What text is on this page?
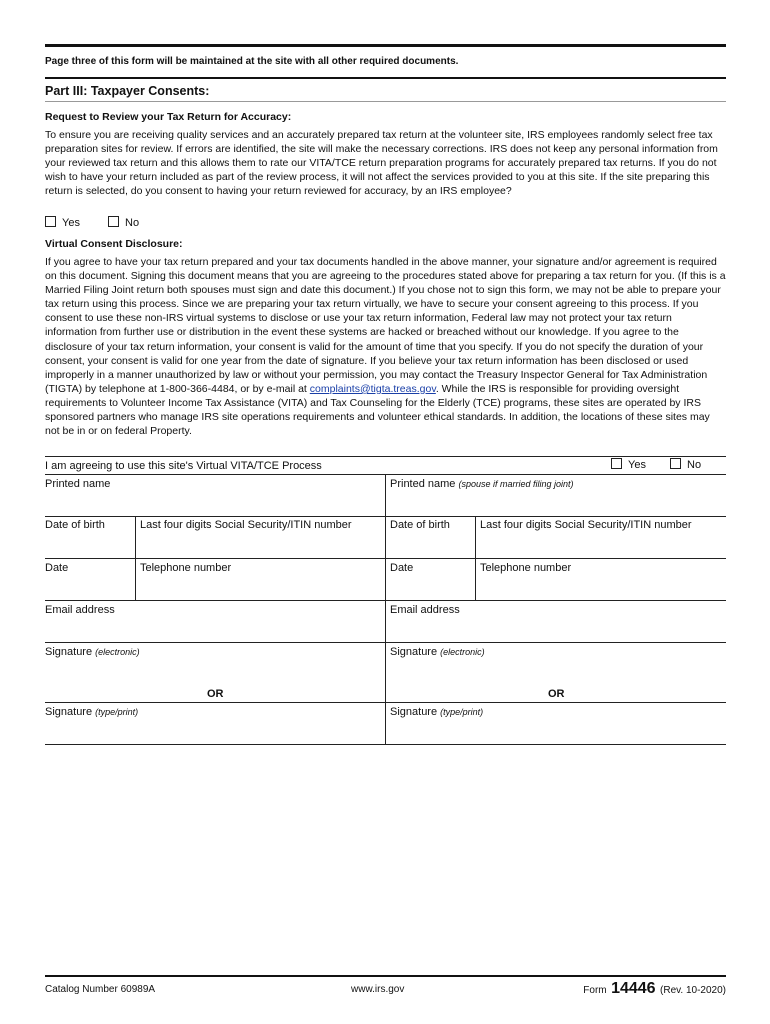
Page three of this form will be maintained at the site with all other required documents.
Part III: Taxpayer Consents:
Request to Review your Tax Return for Accuracy:
To ensure you are receiving quality services and an accurately prepared tax return at the volunteer site, IRS employees randomly select free tax preparation sites for review. If errors are identified, the site will make the necessary corrections. IRS does not keep any personal information from your reviewed tax return and this allows them to rate our VITA/TCE return preparation programs for accurately prepared tax returns. If you do not wish to have your return included as part of the review process, it will not affect the services provided to you at this site. If the site preparing this return is selected, do you consent to having your return reviewed for accuracy, by an IRS employee?
Yes	No
Virtual Consent Disclosure:
If you agree to have your tax return prepared and your tax documents handled in the above manner, your signature and/or agreement is required on this document. Signing this document means that you are agreeing to the procedures stated above for preparing a tax return for you. (If this is a Married Filing Joint return both spouses must sign and date this document.) If you chose not to sign this form, we may not be able to prepare your tax return using this process. Since we are preparing your tax return virtually, we have to secure your consent agreeing to this process. If you consent to use these non-IRS virtual systems to disclose or use your tax return information, Federal law may not protect your tax return information from further use or distribution in the event these systems are hacked or breached without our knowledge. If you agree to the disclosure of your tax return information, your consent is valid for the amount of time that you specify. If you do not specify the duration of your consent, your consent is valid for one year from the date of signature. If you believe your tax return information has been disclosed or used improperly in a manner unauthorized by law or without your permission, you may contact the Treasury Inspector General for Tax Administration (TIGTA) by telephone at 1-800-366-4484, or by e-mail at complaints@tigta.treas.gov. While the IRS is responsible for providing oversight requirements to Volunteer Income Tax Assistance (VITA) and Tax Counseling for the Elderly (TCE) programs, these sites are operated by IRS sponsored partners who manage IRS site operations requirements and volunteer ethical standards. In addition, the locations of these sites may not be in or on federal Property.
I am agreeing to use this site's Virtual VITA/TCE Process	Yes	No
Printed name	Printed name (spouse if married filing joint)
Date of birth	Last four digits Social Security/ITIN number	Date of birth	Last four digits Social Security/ITIN number
Date	Telephone number	Date	Telephone number
Email address	Email address
Signature (electronic)	Signature (electronic)
OR	OR
Signature (type/print)	Signature (type/print)
Catalog Number 60989A	www.irs.gov	Form 14446 (Rev. 10-2020)
